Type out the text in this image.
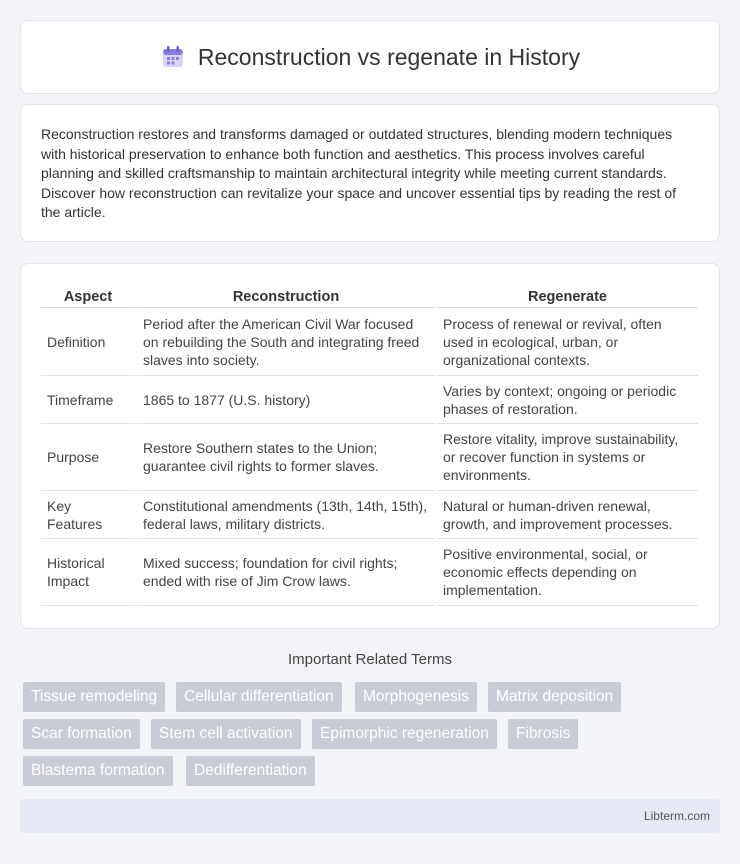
Reconstruction vs regenate in History

Reconstruction restores and transforms damaged or outdated structures, blending modern techniques with historical preservation to enhance both function and aesthetics. This process involves careful planning and skilled craftsmanship to maintain architectural integrity while meeting current standards. Discover how reconstruction can revitalize your space and uncover essential tips by reading the rest of the article.

Aspect	Reconstruction	Regenerate
Definition	Period after the American Civil War focused on rebuilding the South and integrating freed slaves into society.	Process of renewal or revival, often used in ecological, urban, or organizational contexts.
Timeframe	1865 to 1877 (U.S. history)	Varies by context; ongoing or periodic phases of restoration.
Purpose	Restore Southern states to the Union; guarantee civil rights to former slaves.	Restore vitality, improve sustainability, or recover function in systems or environments.
Key Features	Constitutional amendments (13th, 14th, 15th), federal laws, military districts.	Natural or human-driven renewal, growth, and improvement processes.
Historical Impact	Mixed success; foundation for civil rights; ended with rise of Jim Crow laws.	Positive environmental, social, or economic effects depending on implementation.
Important Related Terms
Tissue remodeling	Cellular differentiation	Morphogenesis	Matrix deposition
Scar formation	Stem cell activation	Epimorphic regeneration	Fibrosis
Blastema formation	Dedifferentiation
Libterm.com
